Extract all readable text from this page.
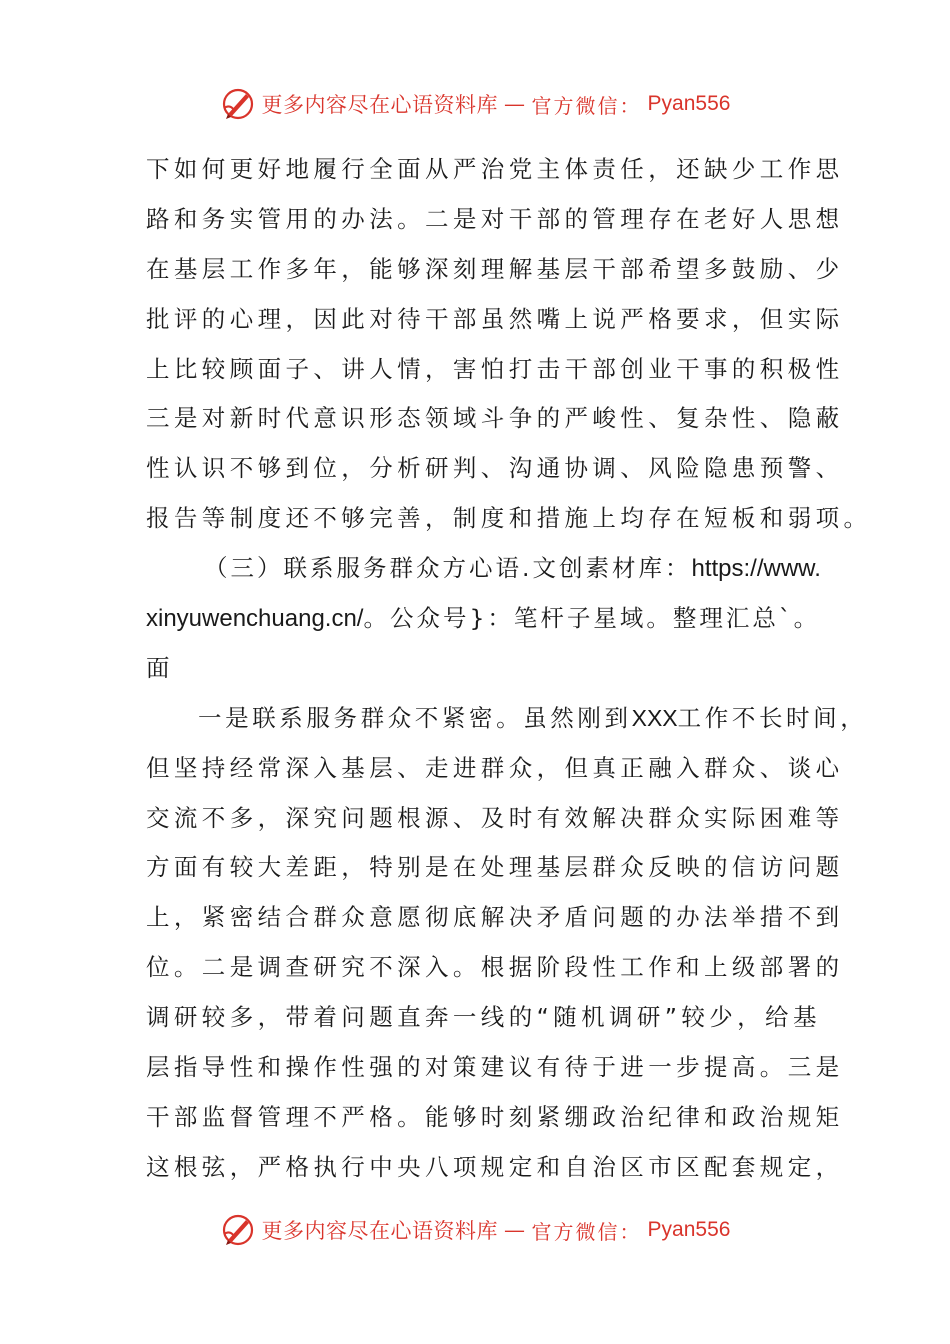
更多内容尽在心语资料库 — 官方微信： Pyan556
下如何更好地履行全面从严治党主体责任，还缺少工作思
路和务实管用的办法。二是对干部的管理存在老好人思想
在基层工作多年，能够深刻理解基层干部希望多鼓励、少
批评的心理，因此对待干部虽然嘴上说严格要求，但实际
上比较顾面子、讲人情，害怕打击干部创业干事的积极性
三是对新时代意识形态领域斗争的严峻性、复杂性、隐蔽
性认识不够到位，分析研判、沟通协调、风险隐患预警、
报告等制度还不够完善，制度和措施上均存在短板和弱项。
（三）联系服务群众方心语.文创素材库：https://www.
xinyuwenchuang.cn/。公众号}：笔杆子星域。整理汇总`。
面
一是联系服务群众不紧密。虽然刚到XXX工作不长时间，
但坚持经常深入基层、走进群众，但真正融入群众、谈心
交流不多，深究问题根源、及时有效解决群众实际困难等
方面有较大差距，特别是在处理基层群众反映的信访问题
上，紧密结合群众意愿彻底解决矛盾问题的办法举措不到
位。二是调查研究不深入。根据阶段性工作和上级部署的
调研较多，带着问题直奔一线的“随机调研”较少，给基
层指导性和操作性强的对策建议有待于进一步提高。三是
干部监督管理不严格。能够时刻紧绷政治纪律和政治规矩
这根弦，严格执行中央八项规定和自治区市区配套规定，
更多内容尽在心语资料库 — 官方微信： Pyan556
